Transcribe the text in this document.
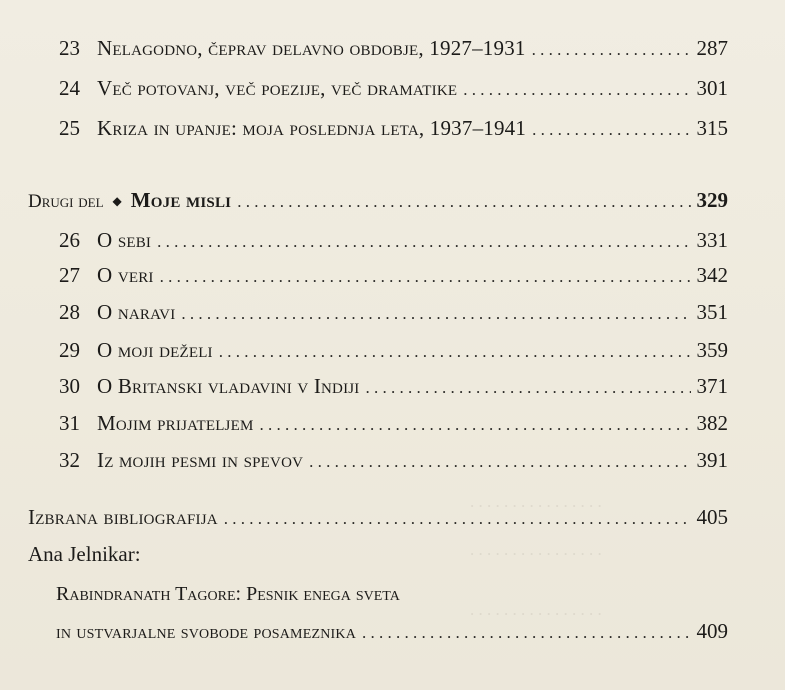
. . . . . . . . . . . . . . . .
. . . . . . . . . . . . . . . .
. . . . . . . . . . . . . . . .
23 Nelagodno, čeprav delavno obdobje, 1927–1931 . . .	287
24 Več potovanj, več poezije, več dramatike . . .	301
25 Kriza in upanje: moja poslednja leta, 1937–1941 . . .	315
Drugi del ◆ Moje misli . . .	329
26 O sebi . . .	331
27 O veri . . .	342
28 O naravi . . .	351
29 O moji deželi . . .	359
30 O Britanski vladavini v Indiji . . .	371
31 Mojim prijateljem . . .	382
32 Iz mojih pesmi in spevov . . .	391
Izbrana bibliografija . . .	405
Ana Jelnikar:
Rabindranath Tagore: Pesnik enega sveta
in ustvarjalne svobode posameznika . . .	409
